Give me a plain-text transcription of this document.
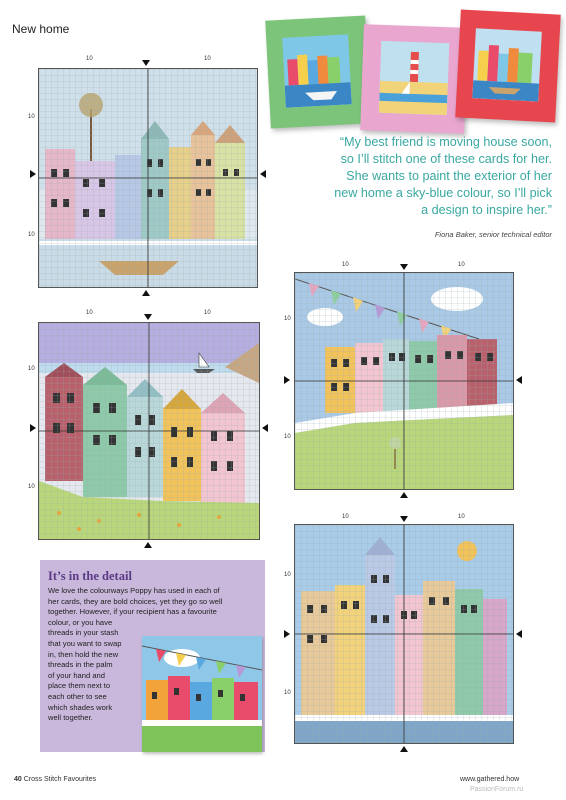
New home
10	10
10
10
“My best friend is moving house soon,
so I’ll stitch one of these cards for her.
She wants to paint the exterior of her
new home a sky-blue colour, so I’ll pick
a design to inspire her.”
Fiona Baker, senior technical editor
10	10
10
10
10	10
10
10
10	10
10
10
It’s in the detail
We love the colourways Poppy has used in each of
her cards, they are bold choices, yet they go so well
together. However, if your recipient has a favourite
colour, or you have
threads in your stash
that you want to swap
in, then hold the new
threads in the palm
of your hand and
place them next to
each other to see
which shades work
well together.
40 Cross Stitch Favourites	www.gathered.how
PassionForum.ru
